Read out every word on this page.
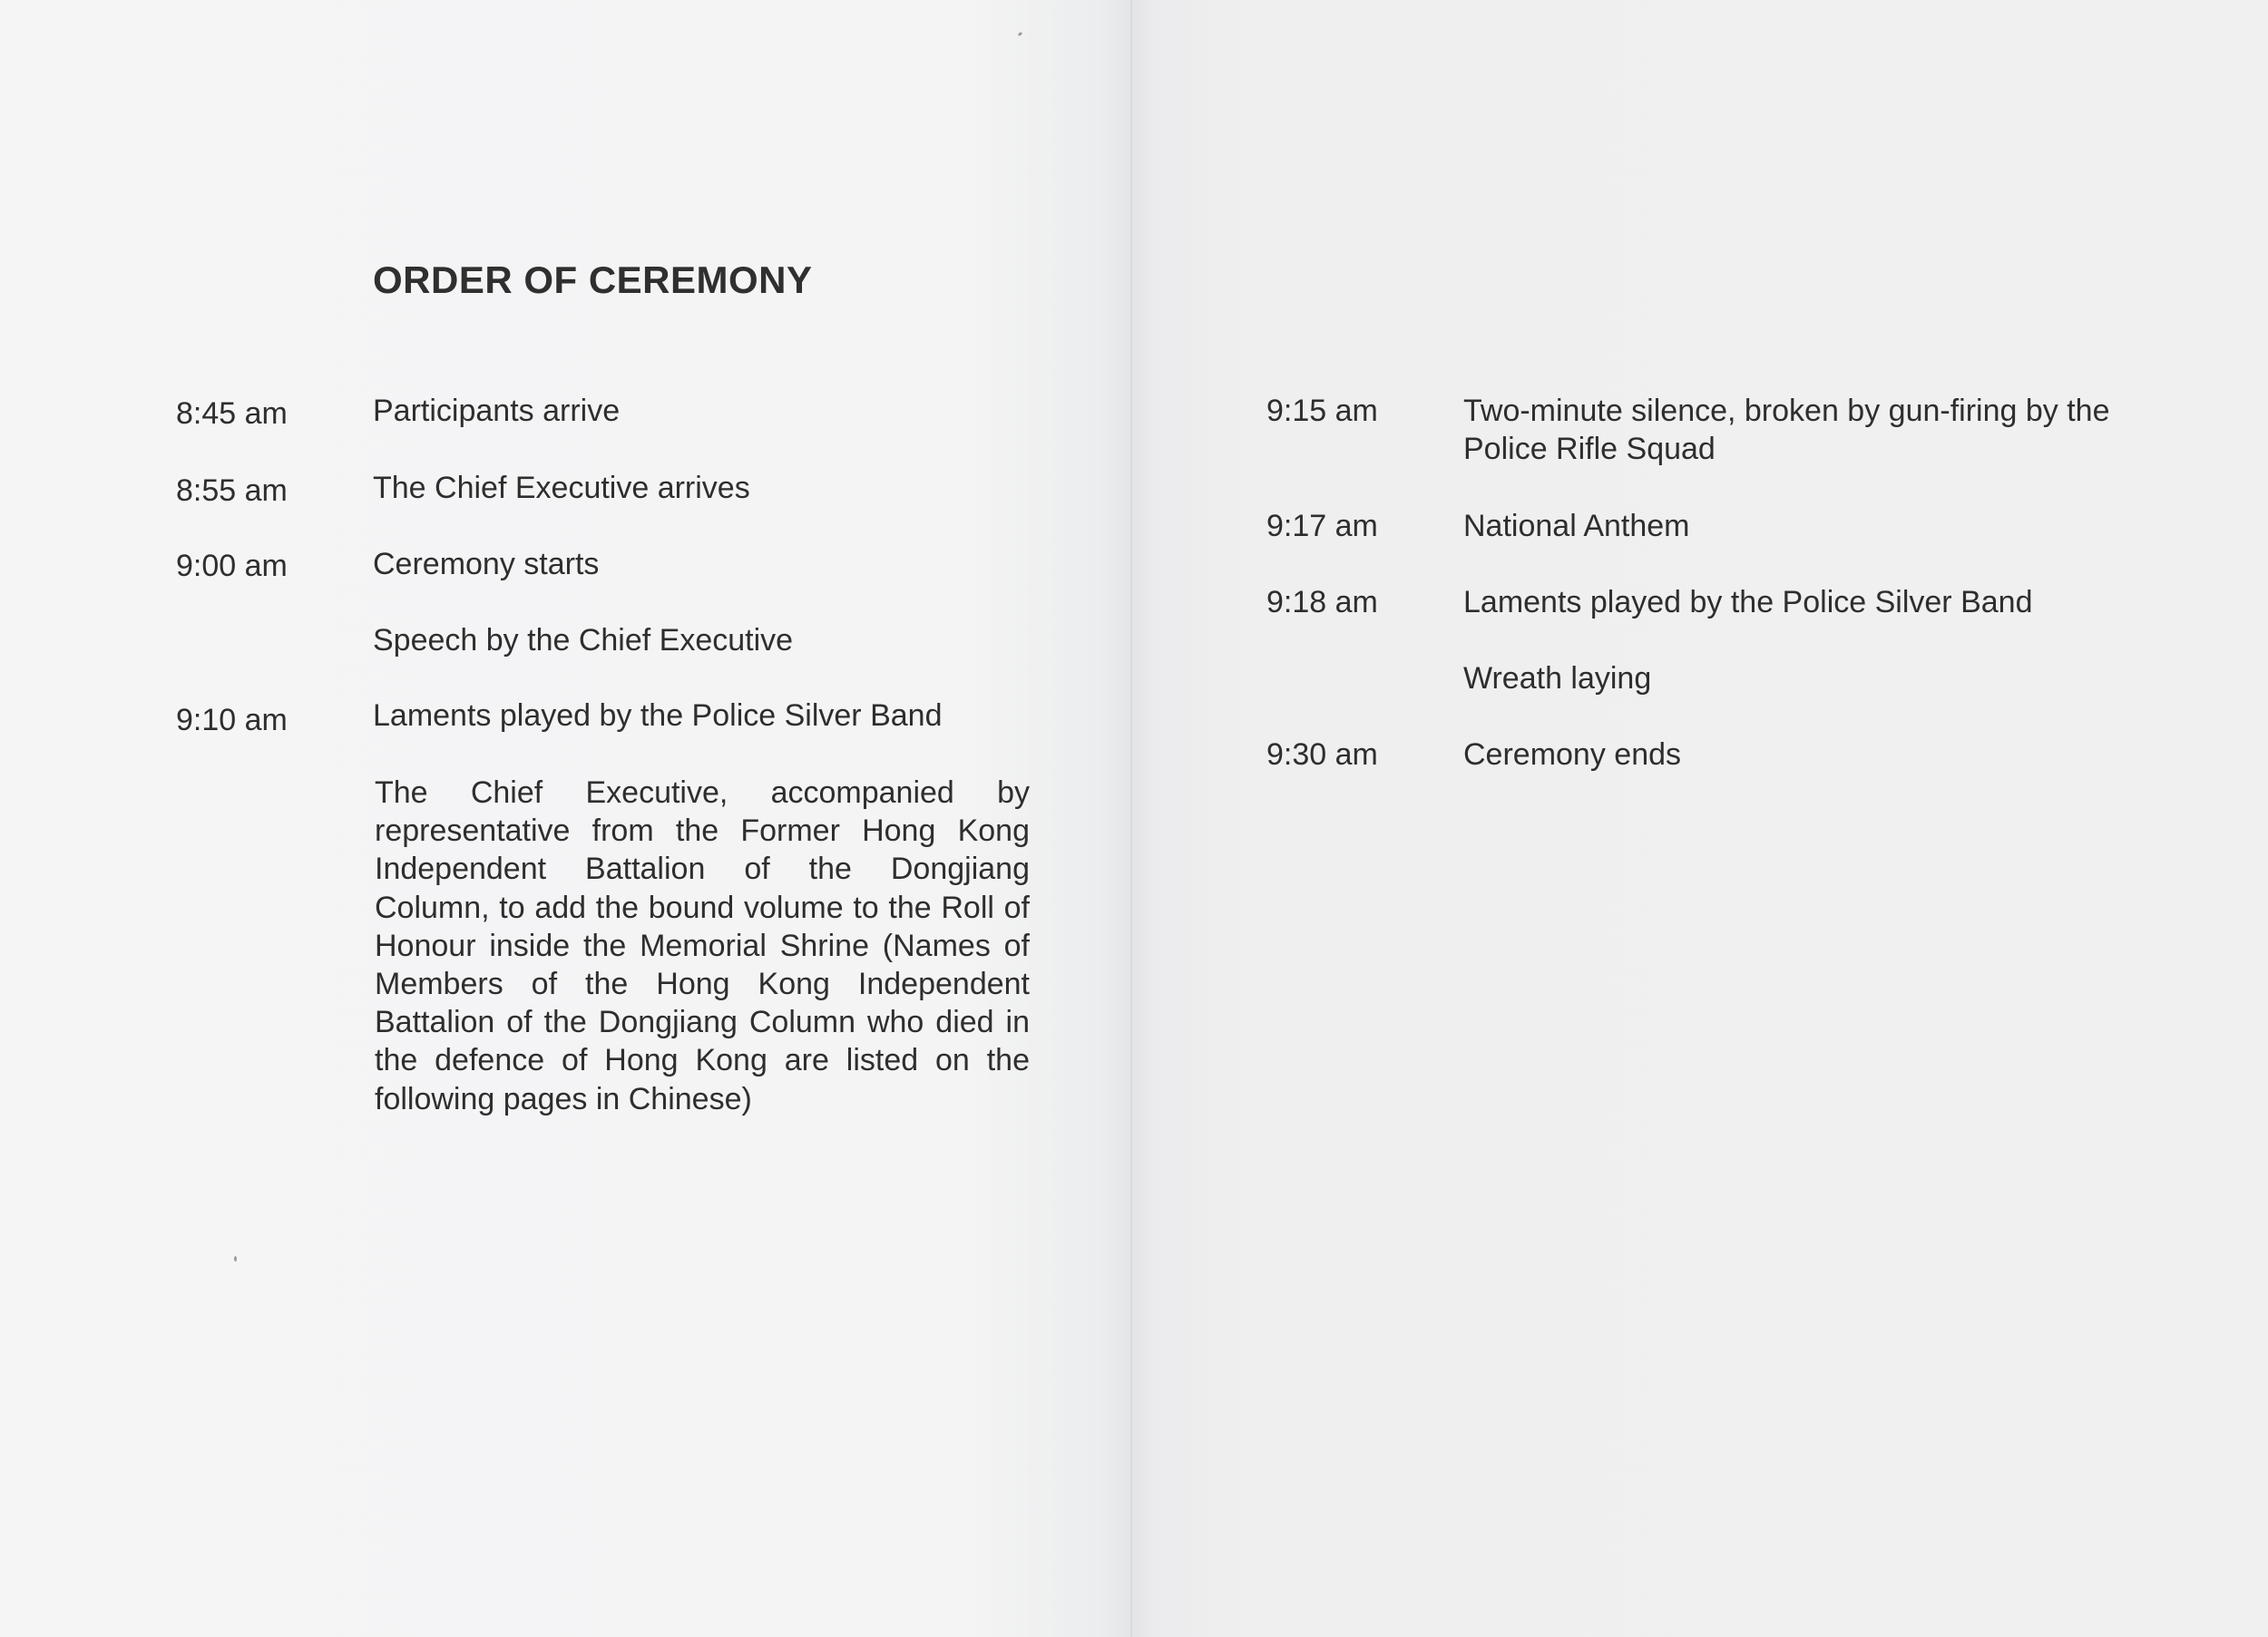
ORDER OF CEREMONY
8:45 am	Participants arrive
8:55 am	The Chief Executive arrives
9:00 am	Ceremony starts
Speech by the Chief Executive
9:10 am	Laments played by the Police Silver Band
The Chief Executive, accompanied by representative from the Former Hong Kong Independent Battalion of the Dongjiang Column, to add the bound volume to the Roll of Honour inside the Memorial Shrine (Names of Members of the Hong Kong Independent Battalion of the Dongjiang Column who died in the defence of Hong Kong are listed on the following pages in Chinese)
9:15 am	Two-minute silence, broken by gun-firing by the Police Rifle Squad
9:17 am	National Anthem
9:18 am	Laments played by the Police Silver Band
Wreath laying
9:30 am	Ceremony ends
